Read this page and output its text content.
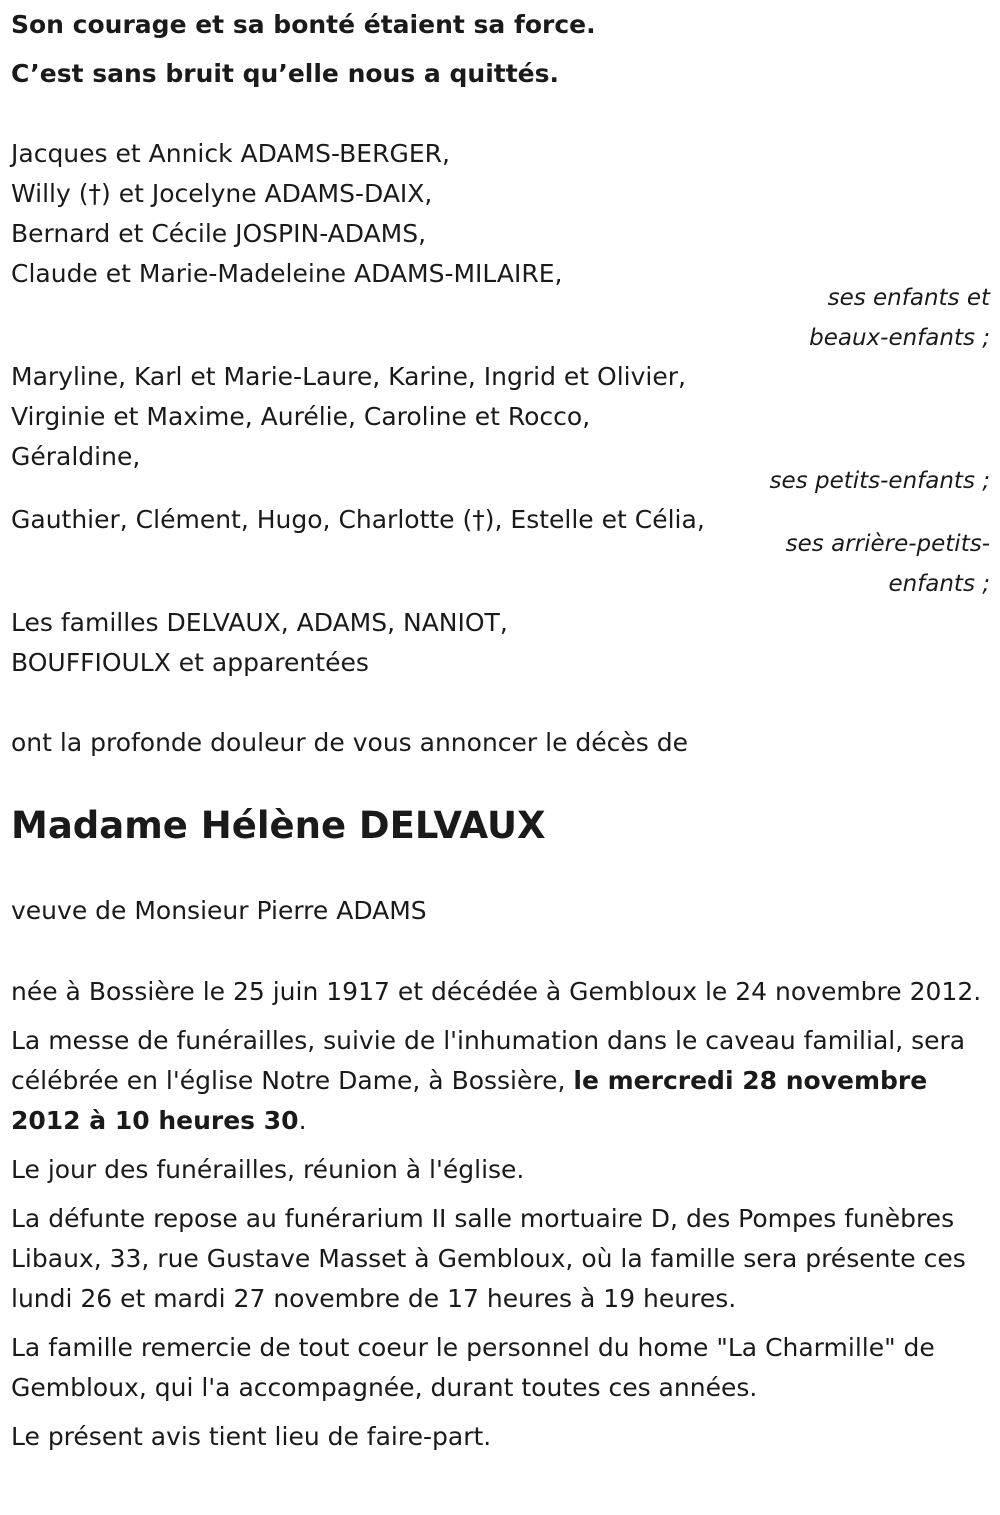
Son courage et sa bonté étaient sa force.
C’est sans bruit qu’elle nous a quittés.
Jacques et Annick ADAMS-BERGER,
Willy (†) et Jocelyne ADAMS-DAIX,
Bernard et Cécile JOSPIN-ADAMS,
Claude et Marie-Madeleine ADAMS-MILAIRE,
ses enfants et
beaux-enfants ;
Maryline, Karl et Marie-Laure, Karine, Ingrid et Olivier,
Virginie et Maxime, Aurélie, Caroline et Rocco,
Géraldine,
ses petits-enfants ;
Gauthier, Clément, Hugo, Charlotte (†), Estelle et Célia,
ses arrière-petits-
enfants ;
Les familles DELVAUX, ADAMS, NANIOT,
BOUFFIOULX et apparentées
ont la profonde douleur de vous annoncer le décès de
Madame Hélène DELVAUX
veuve de Monsieur Pierre ADAMS

née à Bossière le 25 juin 1917 et décédée à Gembloux le 24 novembre 2012.

La messe de funérailles, suivie de l'inhumation dans le caveau familial, sera célébrée en l'église Notre Dame, à Bossière, le mercredi 28 novembre 2012 à 10 heures 30.

Le jour des funérailles, réunion à l'église.

La défunte repose au funérarium II salle mortuaire D, des Pompes funèbres Libaux, 33, rue Gustave Masset à Gembloux, où la famille sera présente ces lundi 26 et mardi 27 novembre de 17 heures à 19 heures.

La famille remercie de tout coeur le personnel du home "La Charmille" de Gembloux, qui l'a accompagnée, durant toutes ces années.

Le présent avis tient lieu de faire-part.
